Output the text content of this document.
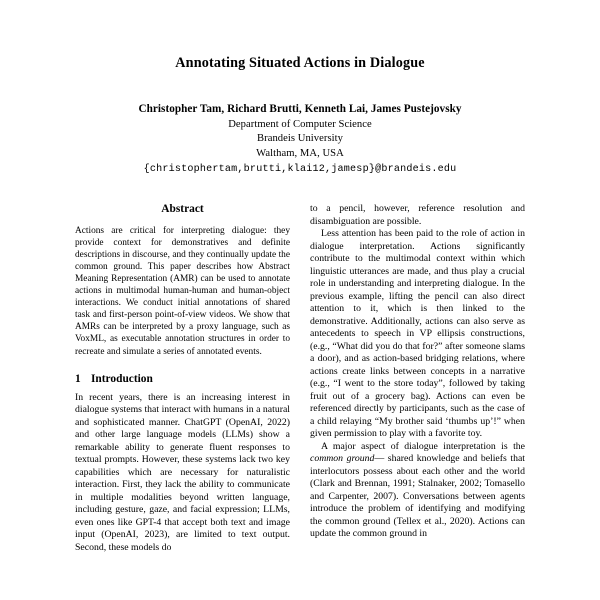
Annotating Situated Actions in Dialogue
Christopher Tam, Richard Brutti, Kenneth Lai, James Pustejovsky
Department of Computer Science
Brandeis University
Waltham, MA, USA
{christophertam,brutti,klai12,jamesp}@brandeis.edu
Abstract
Actions are critical for interpreting dialogue: they provide context for demonstratives and definite descriptions in discourse, and they continually update the common ground. This paper describes how Abstract Meaning Representation (AMR) can be used to annotate actions in multimodal human-human and human-object interactions. We conduct initial annotations of shared task and first-person point-of-view videos. We show that AMRs can be interpreted by a proxy language, such as VoxML, as executable annotation structures in order to recreate and simulate a series of annotated events.
1 Introduction

In recent years, there is an increasing interest in dialogue systems that interact with humans in a natural and sophisticated manner. ChatGPT (OpenAI, 2022) and other large language models (LLMs) show a remarkable ability to generate fluent responses to textual prompts. However, these systems lack two key capabilities which are necessary for naturalistic interaction. First, they lack the ability to communicate in multiple modalities beyond written language, including gesture, gaze, and facial expression; LLMs, even ones like GPT-4 that accept both text and image input (OpenAI, 2023), are limited to text output. Second, these models do

to a pencil, however, reference resolution and disambiguation are possible.

Less attention has been paid to the role of action in dialogue interpretation. Actions significantly contribute to the multimodal context within which linguistic utterances are made, and thus play a crucial role in understanding and interpreting dialogue. In the previous example, lifting the pencil can also direct attention to it, which is then linked to the demonstrative. Additionally, actions can also serve as antecedents to speech in VP ellipsis constructions, (e.g., “What did you do that for?” after someone slams a door), and as action-based bridging relations, where actions create links between concepts in a narrative (e.g., “I went to the store today”, followed by taking fruit out of a grocery bag). Actions can even be referenced directly by participants, such as the case of a child relaying “My brother said ‘thumbs up’!” when given permission to play with a favorite toy.

A major aspect of dialogue interpretation is the common ground— shared knowledge and beliefs that interlocutors possess about each other and the world (Clark and Brennan, 1991; Stalnaker, 2002; Tomasello and Carpenter, 2007). Conversations between agents introduce the problem of identifying and modifying the common ground (Tellex et al., 2020). Actions can update the common ground in
